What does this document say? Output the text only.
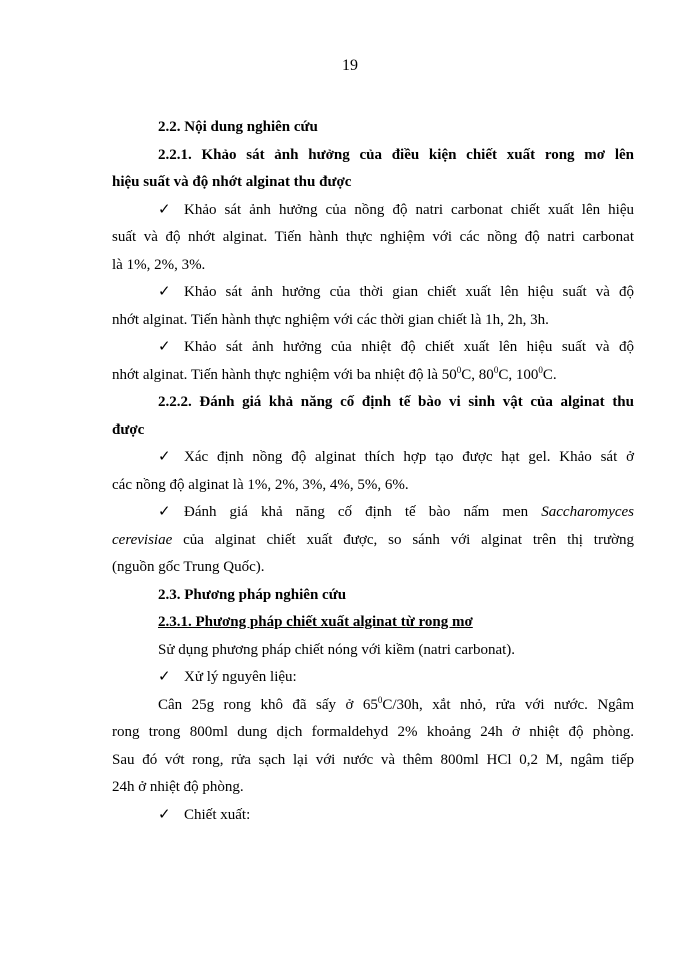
19
2.2. Nội dung nghiên cứu
2.2.1. Khảo sát ảnh hưởng của điều kiện chiết xuất rong mơ lên
hiệu suất và độ nhớt alginat thu được
✓ Khảo sát ảnh hưởng của nồng độ natri carbonat chiết xuất lên hiệu
suất và độ nhớt alginat. Tiến hành thực nghiệm với các nồng độ natri carbonat
là 1%, 2%, 3%.
✓ Khảo sát ảnh hưởng của thời gian chiết xuất lên hiệu suất và độ
nhớt alginat. Tiến hành thực nghiệm với các thời gian chiết là 1h, 2h, 3h.
✓ Khảo sát ảnh hưởng của nhiệt độ chiết xuất lên hiệu suất và độ
nhớt alginat. Tiến hành thực nghiệm với ba nhiệt độ là $50^0C$, $80^0C$, $100^0C$.
2.2.2. Đánh giá khả năng cố định tế bào vi sinh vật của alginat thu
được
✓ Xác định nồng độ alginat thích hợp tạo được hạt gel. Khảo sát ở
các nồng độ alginat là 1%, 2%, 3%, 4%, 5%, 6%.
✓ Đánh giá khả năng cố định tế bào nấm men Saccharomyces
cerevisiae của alginat chiết xuất được, so sánh với alginat trên thị trường
(nguồn gốc Trung Quốc).
2.3. Phương pháp nghiên cứu
2.3.1. Phương pháp chiết xuất alginat từ rong mơ
Sử dụng phương pháp chiết nóng với kiềm (natri carbonat).
✓ Xử lý nguyên liệu:
Cân 25g rong khô đã sấy ở $65^0C/30h$, xắt nhỏ, rửa với nước. Ngâm
rong trong 800ml dung dịch formaldehyd 2% khoảng 24h ở nhiệt độ phòng.
Sau đó vớt rong, rửa sạch lại với nước và thêm 800ml HCl 0,2 M, ngâm tiếp
24h ở nhiệt độ phòng.
✓ Chiết xuất:
